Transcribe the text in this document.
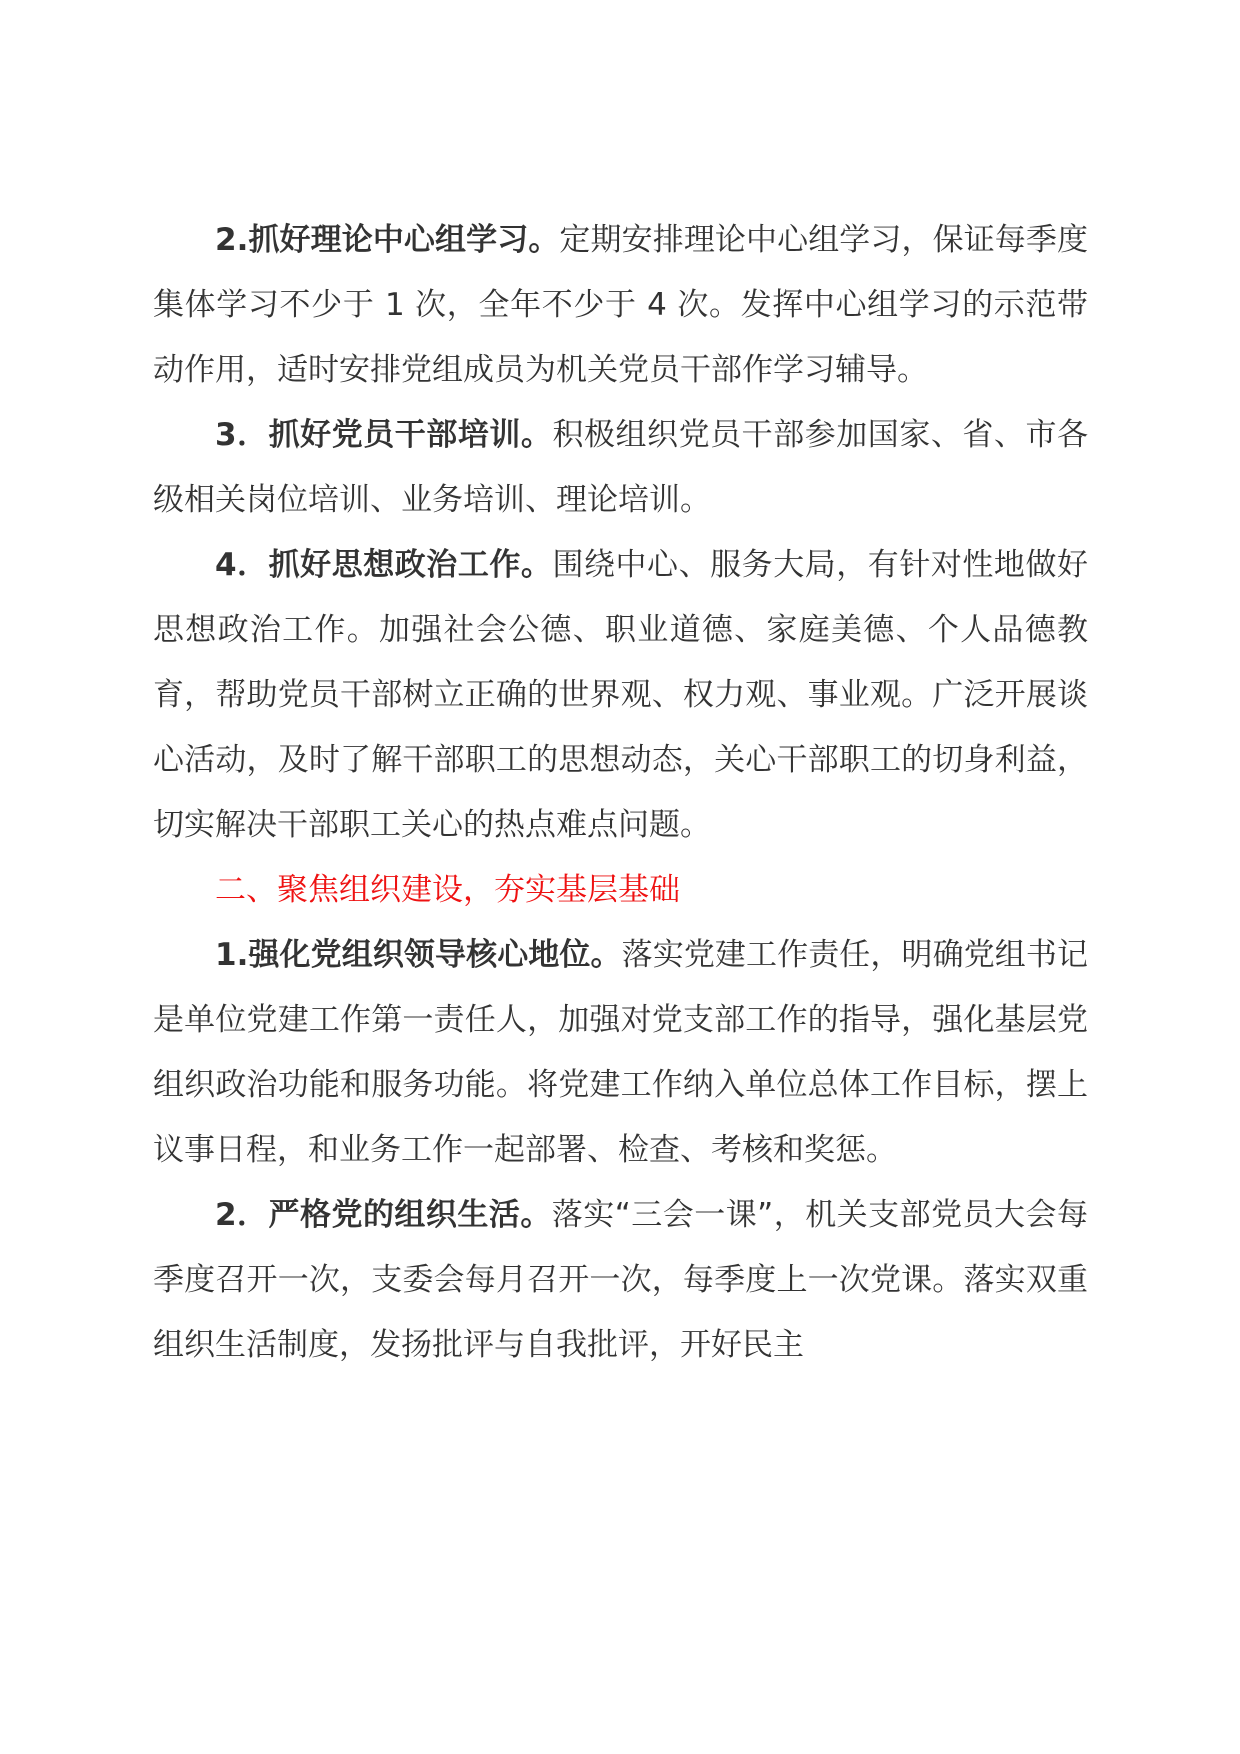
2.抓好理论中心组学习。定期安排理论中心组学习，保证每季度集体学习不少于 1 次，全年不少于 4 次。发挥中心组学习的示范带动作用，适时安排党组成员为机关党员干部作学习辅导。

3．抓好党员干部培训。积极组织党员干部参加国家、省、市各级相关岗位培训、业务培训、理论培训。

4．抓好思想政治工作。围绕中心、服务大局，有针对性地做好思想政治工作。加强社会公德、职业道德、家庭美德、个人品德教育，帮助党员干部树立正确的世界观、权力观、事业观。广泛开展谈心活动，及时了解干部职工的思想动态，关心干部职工的切身利益，切实解决干部职工关心的热点难点问题。

二、聚焦组织建设，夯实基层基础

1.强化党组织领导核心地位。落实党建工作责任，明确党组书记是单位党建工作第一责任人，加强对党支部工作的指导，强化基层党组织政治功能和服务功能。将党建工作纳入单位总体工作目标，摆上议事日程，和业务工作一起部署、检查、考核和奖惩。

2．严格党的组织生活。落实“三会一课”，机关支部党员大会每季度召开一次，支委会每月召开一次，每季度上一次党课。落实双重组织生活制度，发扬批评与自我批评，开好民主
